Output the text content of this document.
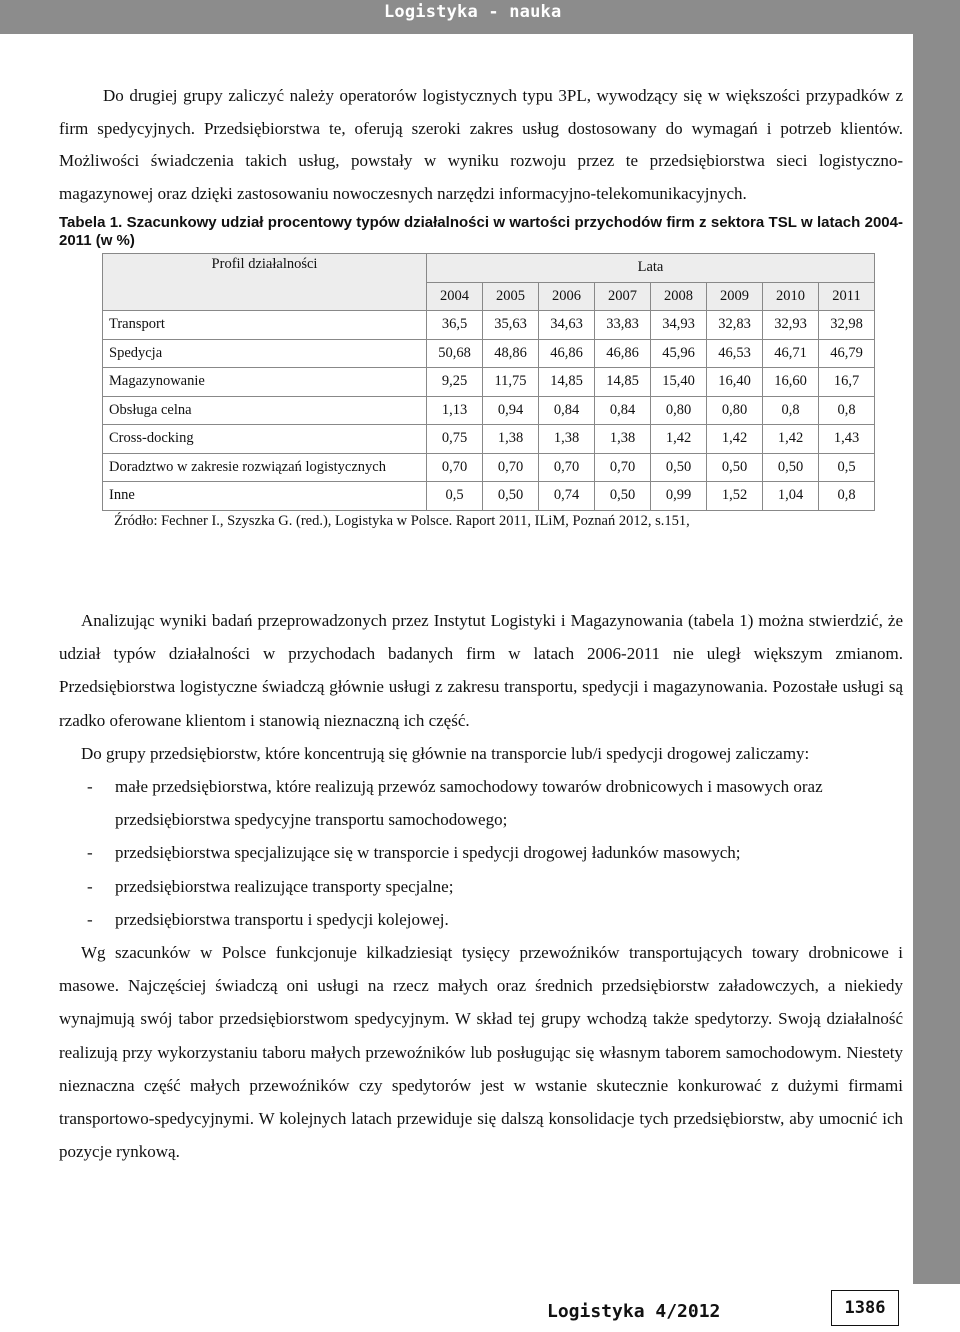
Logistyka - nauka

Do drugiej grupy zaliczyć należy operatorów logistycznych typu 3PL, wywodzący się w większości przypadków z firm spedycyjnych. Przedsiębiorstwa te, oferują szeroki zakres usług dostosowany do wymagań i potrzeb klientów. Możliwości świadczenia takich usług, powstały w wyniku rozwoju przez te przedsiębiorstwa sieci logistyczno-magazynowej oraz dzięki zastosowaniu nowoczesnych narzędzi informacyjno-telekomunikacyjnych.

Tabela 1. Szacunkowy udział procentowy typów działalności w wartości przychodów firm z sektora TSL w latach 2004-2011 (w %)
Profil działalności	Lata							
	2004	2005	2006	2007	2008	2009	2010	2011
Transport	36,5	35,63	34,63	33,83	34,93	32,83	32,93	32,98
Spedycja	50,68	48,86	46,86	46,86	45,96	46,53	46,71	46,79
Magazynowanie	9,25	11,75	14,85	14,85	15,40	16,40	16,60	16,7
Obsługa celna	1,13	0,94	0,84	0,84	0,80	0,80	0,8	0,8
Cross-docking	0,75	1,38	1,38	1,38	1,42	1,42	1,42	1,43
Doradztwo w zakresie rozwiązań logistycznych	0,70	0,70	0,70	0,70	0,50	0,50	0,50	0,5
Inne	0,5	0,50	0,74	0,50	0,99	1,52	1,04	0,8
Źródło: Fechner I., Szyszka G. (red.), Logistyka w Polsce. Raport 2011, ILiM, Poznań 2012, s.151,

Analizując wyniki badań przeprowadzonych przez Instytut Logistyki i Magazynowania (tabela 1) można stwierdzić, że udział typów działalności w przychodach badanych firm w latach 2006-2011 nie uległ większym zmianom. Przedsiębiorstwa logistyczne świadczą głównie usługi z zakresu transportu, spedycji i magazynowania. Pozostałe usługi są rzadko oferowane klientom i stanowią nieznaczną ich część.

Do grupy przedsiębiorstw, które koncentrują się głównie na transporcie lub/i spedycji drogowej zaliczamy:

- małe przedsiębiorstwa, które realizują przewóz samochodowy towarów drobnicowych i masowych oraz przedsiębiorstwa spedycyjne transportu samochodowego;

- przedsiębiorstwa specjalizujące się w transporcie i spedycji drogowej ładunków masowych;

- przedsiębiorstwa realizujące transporty specjalne;

- przedsiębiorstwa transportu i spedycji kolejowej.

Wg szacunków w Polsce funkcjonuje kilkadziesiąt tysięcy przewoźników transportujących towary drobnicowe i masowe. Najczęściej świadczą oni usługi na rzecz małych oraz średnich przedsiębiorstw załadowczych, a niekiedy wynajmują swój tabor przedsiębiorstwom spedycyjnym. W skład tej grupy wchodzą także spedytorzy. Swoją działalność realizują przy wykorzystaniu taboru małych przewoźników lub posługując się własnym taborem samochodowym. Niestety nieznaczna część małych przewoźników czy spedytorów jest w wstanie skutecznie konkurować z dużymi firmami transportowo-spedycyjnymi. W kolejnych latach przewiduje się dalszą konsolidacje tych przedsiębiorstw, aby umocnić ich pozycje rynkową.

Logistyka 4/2012	1386
